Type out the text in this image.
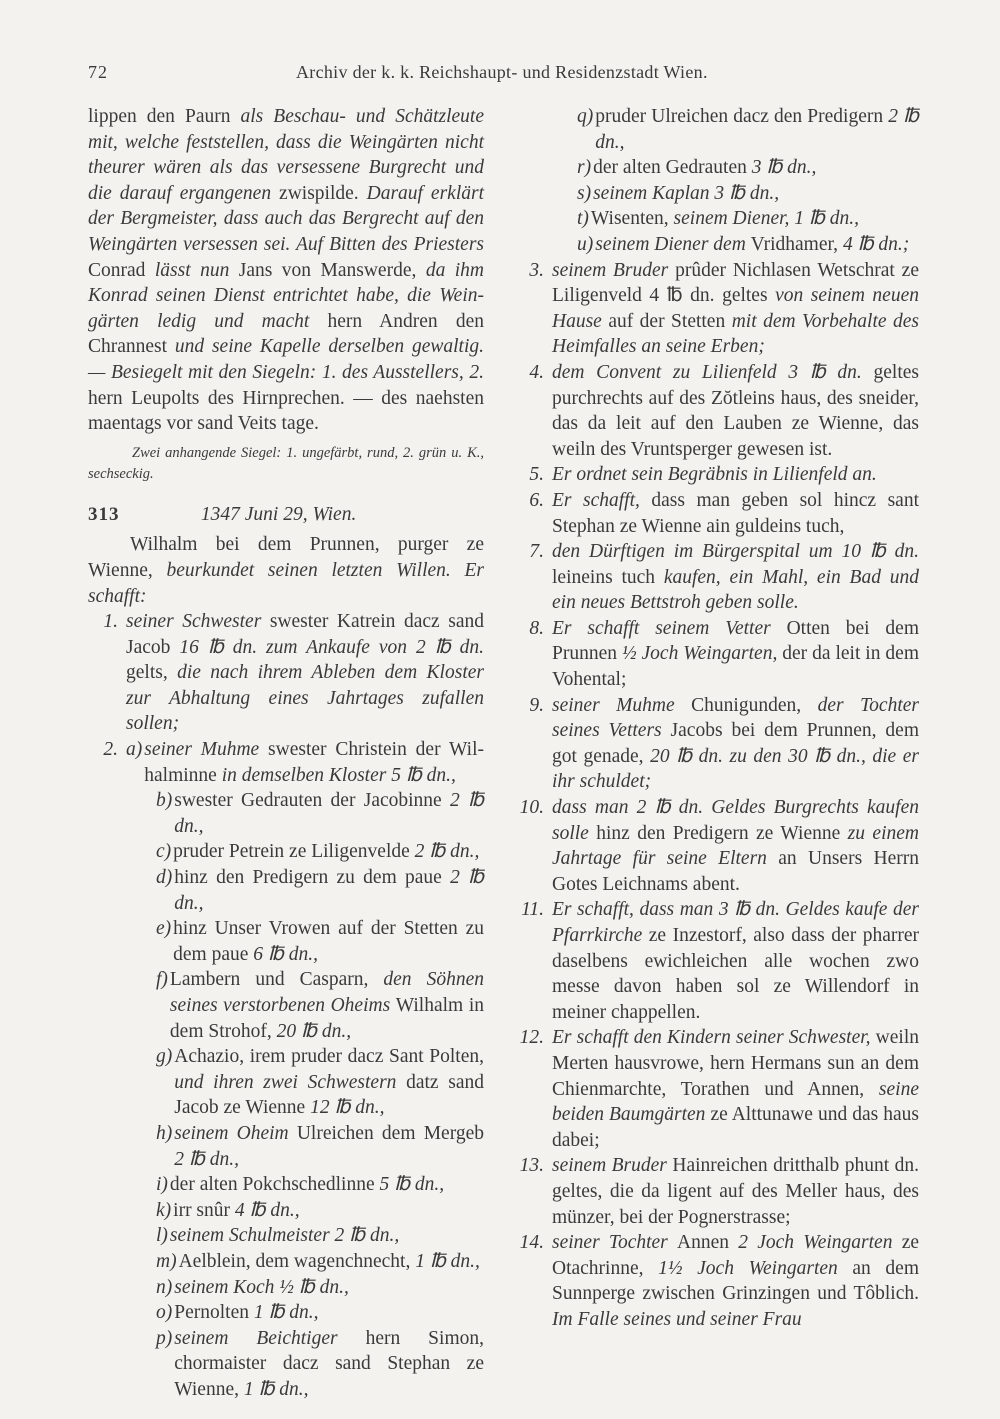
72	Archiv der k. k. Reichshaupt- und Residenzstadt Wien.

lippen den Paurn als Beschau- und Schätzleute mit, welche feststellen, dass die Weingärten nicht theurer wären als das versessene Burgrecht und die darauf ergangenen zwispilde. Darauf erklärt der Bergmeister, dass auch das Bergrecht auf den Weingärten versessen sei. Auf Bitten des Priesters Conrad lässt nun Jans von Manswerde, da ihm Konrad seinen Dienst entrichtet habe, die Weingärten ledig und macht hern Andren den Chrannest und seine Kapelle derselben gewaltig. — Besiegelt mit den Siegeln: 1. des Ausstellers, 2. hern Leupolts des Hirnprechen. — des naehsten maentags vor sand Veits tage.

Zwei anhangende Siegel: 1. ungefärbt, rund, 2. grün u. K., sechseckig.

313	1347 Juni 29, Wien.

Wilhalm bei dem Prunnen, purger ze Wienne, beurkundet seinen letzten Willen. Er schafft:

1. seiner Schwester swester Katrein dacz sand Jacob 16 ℔ dn. zum Ankaufe von 2 ℔ dn. gelts, die nach ihrem Ableben dem Kloster zur Abhaltung eines Jahrtages zufallen sollen;
2. a) seiner Muhme swester Christein der Wilhalminne in demselben Kloster 5 ℔ dn.,
b) swester Gedrauten der Jacobinne 2 ℔ dn.,
c) pruder Petrein ze Liligenvelde 2 ℔ dn.,
d) hinz den Predigern zu dem paue 2 ℔ dn.,
e) hinz Unser Vrowen auf der Stetten zu dem paue 6 ℔ dn.,
f) Lambern und Casparn, den Söhnen seines verstorbenen Oheims Wilhalm in dem Strohof, 20 ℔ dn.,
g) Achazio, irem pruder dacz Sant Polten, und ihren zwei Schwestern datz sand Jacob ze Wienne 12 ℔ dn.,
h) seinem Oheim Ulreichen dem Mergeb 2 ℔ dn.,
i) der alten Pokchschedlinne 5 ℔ dn.,
k) irr snûr 4 ℔ dn.,
l) seinem Schulmeister 2 ℔ dn.,
m) Aelblein, dem wagenchnecht, 1 ℔ dn.,
n) seinem Koch ½ ℔ dn.,
o) Pernolten 1 ℔ dn.,
p) seinem Beichtiger hern Simon, chormaister dacz sand Stephan ze Wienne, 1 ℔ dn.,
q) pruder Ulreichen dacz den Predigern 2 ℔ dn.,
r) der alten Gedrauten 3 ℔ dn.,
s) seinem Kaplan 3 ℔ dn.,
t) Wisenten, seinem Diener, 1 ℔ dn.,
u) seinem Diener dem Vridhamer, 4 ℔ dn.;
3. seinem Bruder prûder Nichlasen Wetschrat ze Liligenveld 4 ℔ dn. geltes von seinem neuen Hause auf der Stetten mit dem Vorbehalte des Heimfalles an seine Erben;
4. dem Convent zu Lilienfeld 3 ℔ dn. geltes purchrechts auf des Zŏtleins haus, des sneider, das da leit auf den Lauben ze Wienne, das weiln des Vruntsperger gewesen ist.
5. Er ordnet sein Begräbnis in Lilienfeld an.
6. Er schafft, dass man geben sol hincz sant Stephan ze Wienne ain guldeins tuch,
7. den Dürftigen im Bürgerspital um 10 ℔ dn. leineins tuch kaufen, ein Mahl, ein Bad und ein neues Bettstroh geben solle.
8. Er schafft seinem Vetter Otten bei dem Prunnen ½ Joch Weingarten, der da leit in dem Vohental;
9. seiner Muhme Chunigunden, der Tochter seines Vetters Jacobs bei dem Prunnen, dem got genade, 20 ℔ dn. zu den 30 ℔ dn., die er ihr schuldet;
10. dass man 2 ℔ dn. Geldes Burgrechts kaufen solle hinz den Predigern ze Wienne zu einem Jahrtage für seine Eltern an Unsers Herrn Gotes Leichnams abent.
11. Er schafft, dass man 3 ℔ dn. Geldes kaufe der Pfarrkirche ze Inzestorf, also dass der pharrer daselbens ewichleichen alle wochen zwo messe davon haben sol ze Willendorf in meiner chappellen.
12. Er schafft den Kindern seiner Schwester, weiln Merten hausvrowe, hern Hermans sun an dem Chienmarchte, Torathen und Annen, seine beiden Baumgärten ze Alttunawe und das haus dabei;
13. seinem Bruder Hainreichen dritthalb phunt dn. geltes, die da ligent auf des Meller haus, des münzer, bei der Pognerstrasse;
14. seiner Tochter Annen 2 Joch Weingarten ze Otachrinne, 1½ Joch Weingarten an dem Sunnperge zwischen Grinzingen und Tôblich. Im Falle seines und seiner Frau
